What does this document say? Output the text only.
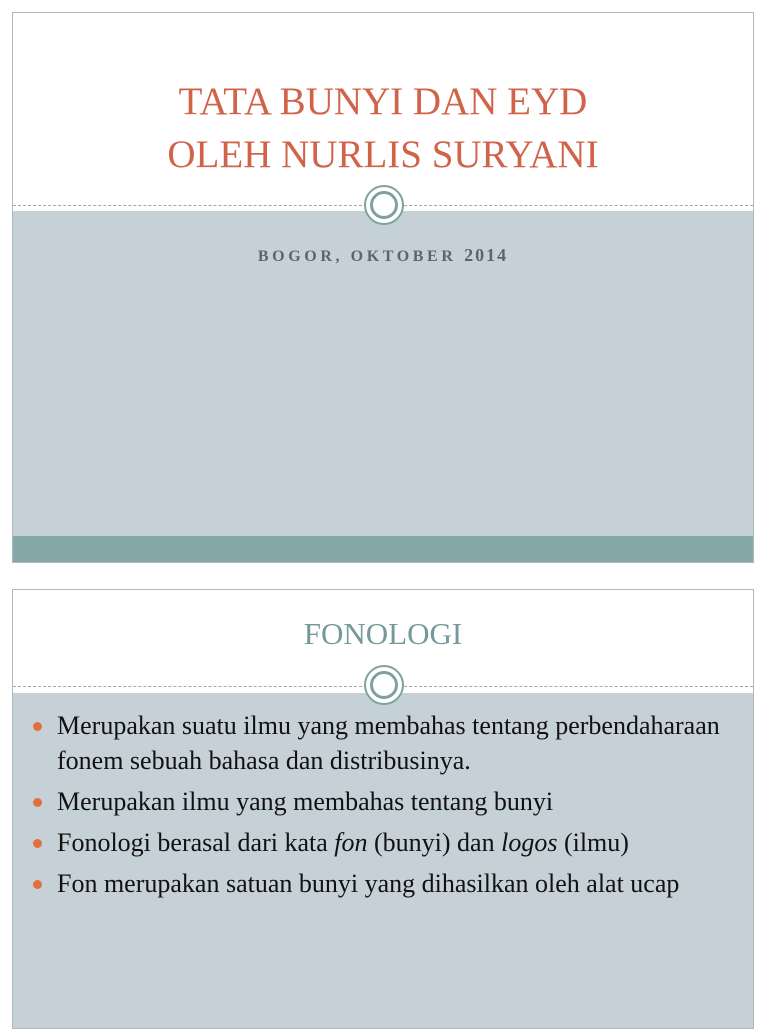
TATA BUNYI DAN EYD
OLEH NURLIS SURYANI

BOGOR, OKTOBER 2014

FONOLOGI
Merupakan suatu ilmu yang membahas tentang perbendaharaan fonem sebuah bahasa dan distribusinya.
Merupakan ilmu yang membahas tentang bunyi
Fonologi berasal dari kata fon (bunyi) dan logos (ilmu)
Fon merupakan satuan bunyi yang dihasilkan oleh alat ucap
